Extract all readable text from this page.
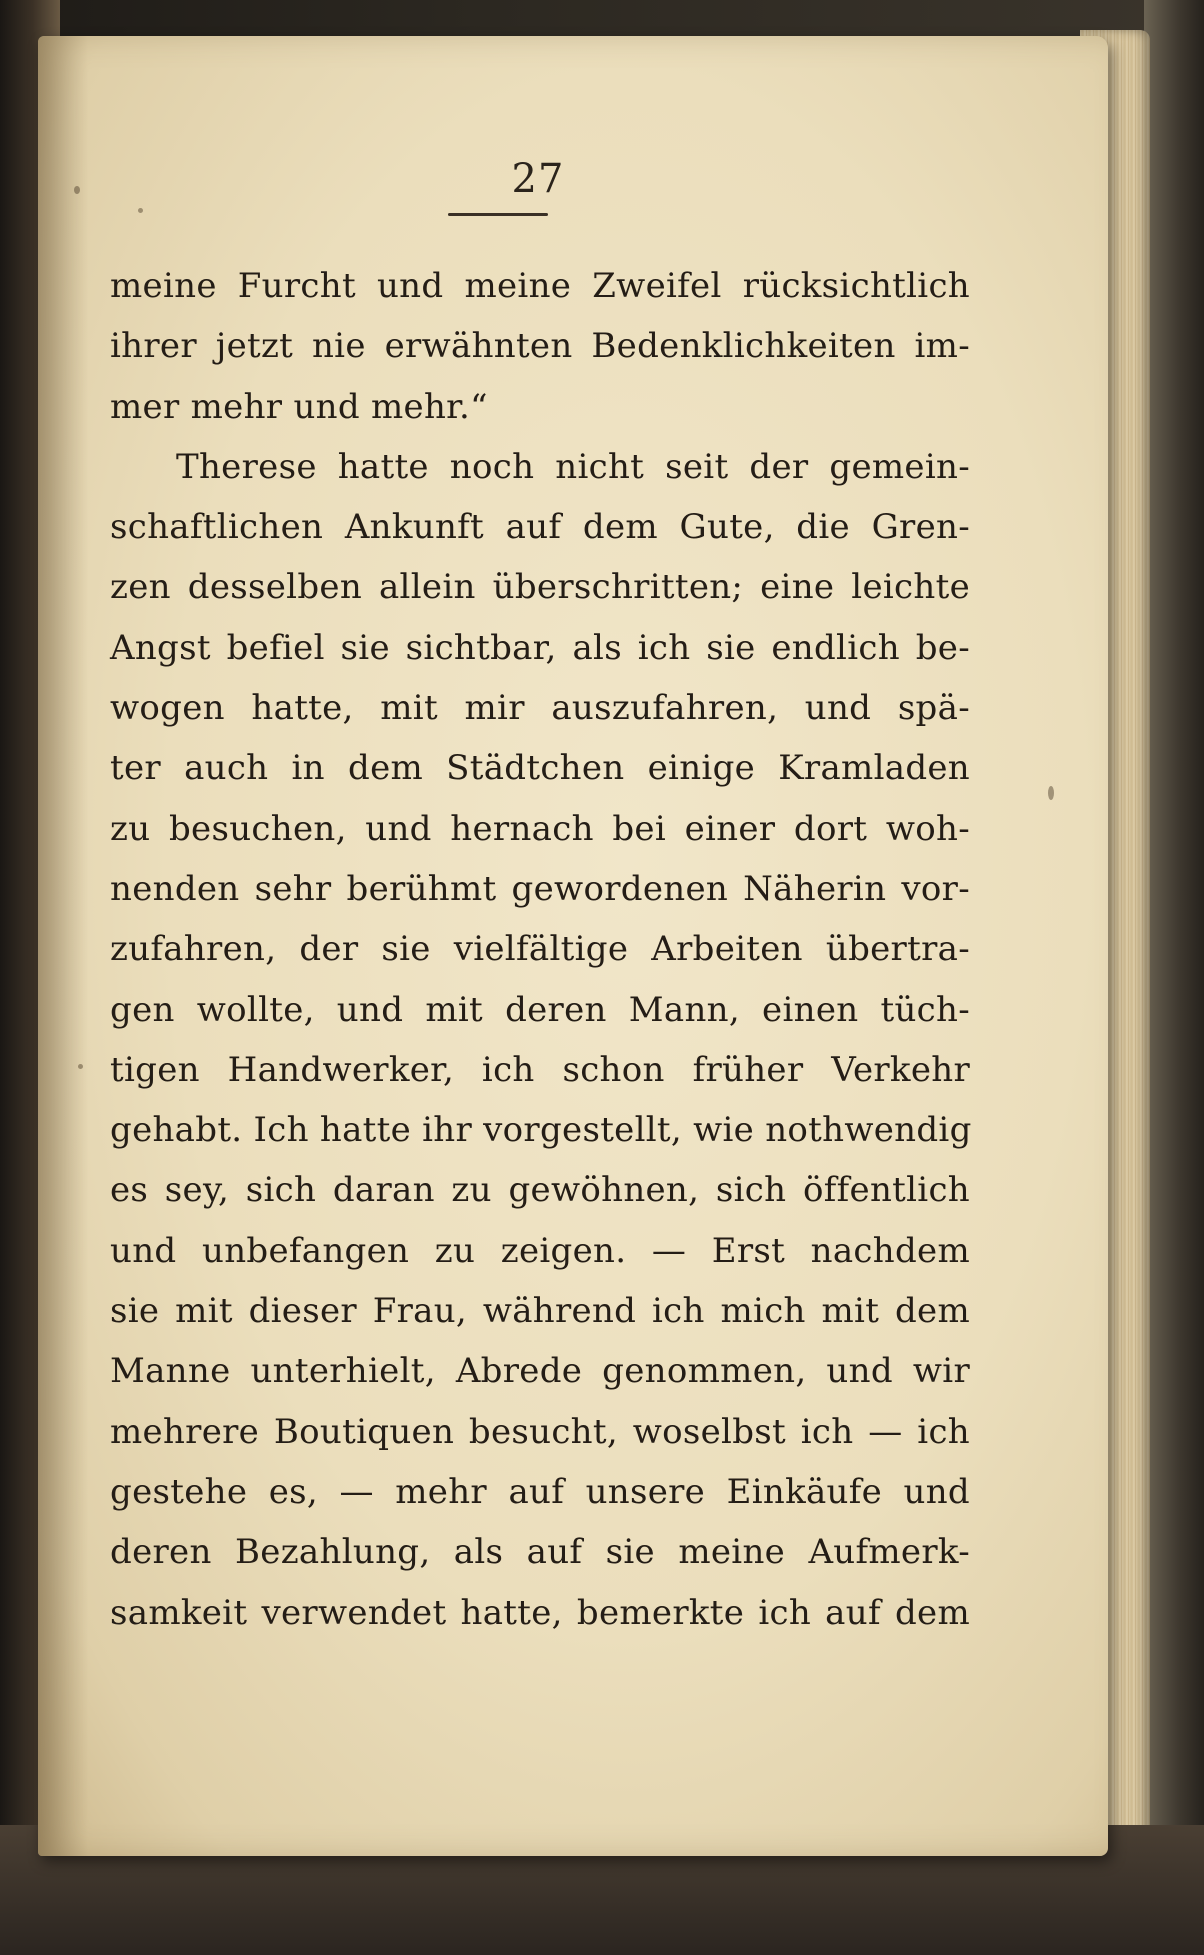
27
meine Furcht und meine Zweifel rücksichtlich
ihrer jetzt nie erwähnten Bedenklichkeiten im-
mer mehr und mehr.“
Therese hatte noch nicht seit der gemein-
schaftlichen Ankunft auf dem Gute, die Gren-
zen desselben allein überschritten; eine leichte
Angst befiel sie sichtbar, als ich sie endlich be-
wogen hatte, mit mir auszufahren, und spä-
ter auch in dem Städtchen einige Kramladen
zu besuchen, und hernach bei einer dort woh-
nenden sehr berühmt gewordenen Näherin vor-
zufahren, der sie vielfältige Arbeiten übertra-
gen wollte, und mit deren Mann, einen tüch-
tigen Handwerker, ich schon früher Verkehr
gehabt. Ich hatte ihr vorgestellt, wie nothwendig
es sey, sich daran zu gewöhnen, sich öffentlich
und unbefangen zu zeigen. — Erst nachdem
sie mit dieser Frau, während ich mich mit dem
Manne unterhielt, Abrede genommen, und wir
mehrere Boutiquen besucht, woselbst ich — ich
gestehe es, — mehr auf unsere Einkäufe und
deren Bezahlung, als auf sie meine Aufmerk-
samkeit verwendet hatte, bemerkte ich auf dem
